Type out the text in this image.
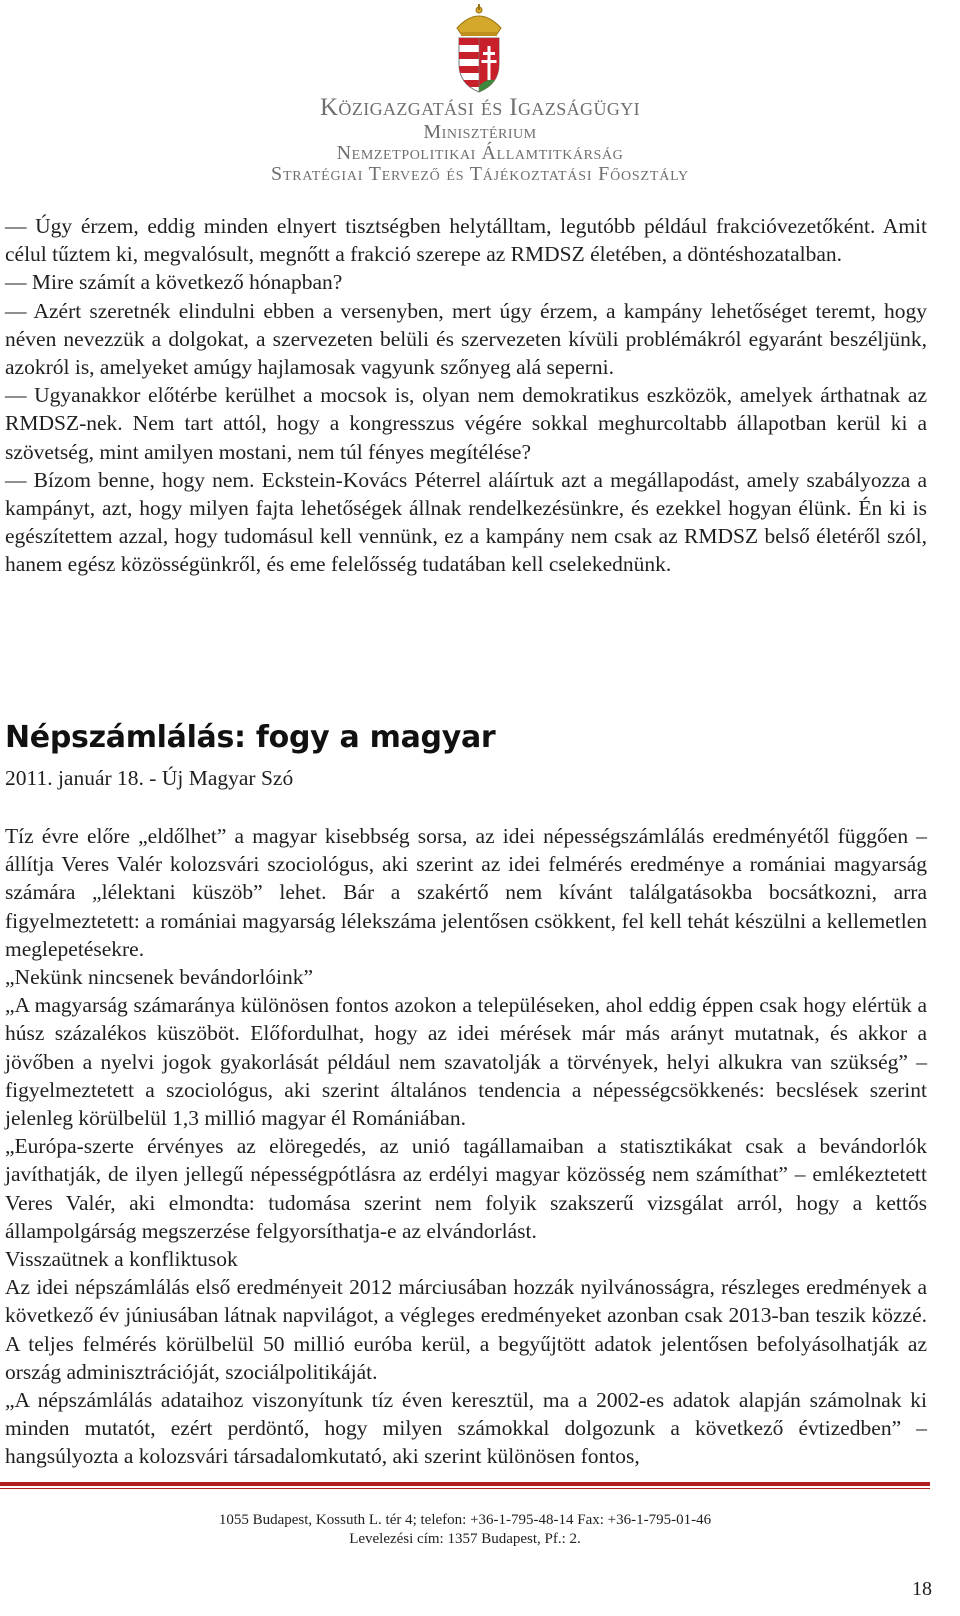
Közigazgatási és Igazságügyi
Minisztérium
Nemzetpolitikai Államtitkárság
Stratégiai Tervező és Tájékoztatási Főosztály

— Úgy érzem, eddig minden elnyert tisztségben helytálltam, legutóbb például frakcióvezetőként. Amit célul tűztem ki, megvalósult, megnőtt a frakció szerepe az RMDSZ életében, a döntéshozatalban.

— Mire számít a következő hónapban?

— Azért szeretnék elindulni ebben a versenyben, mert úgy érzem, a kampány lehetőséget teremt, hogy néven nevezzük a dolgokat, a szervezeten belüli és szervezeten kívüli problémákról egyaránt beszéljünk, azokról is, amelyeket amúgy hajlamosak vagyunk szőnyeg alá seperni.

— Ugyanakkor előtérbe kerülhet a mocsok is, olyan nem demokratikus eszközök, amelyek árthatnak az RMDSZ-nek. Nem tart attól, hogy a kongresszus végére sokkal meghurcoltabb állapotban kerül ki a szövetség, mint amilyen mostani, nem túl fényes megítélése?

— Bízom benne, hogy nem. Eckstein-Kovács Péterrel aláírtuk azt a megállapodást, amely szabályozza a kampányt, azt, hogy milyen fajta lehetőségek állnak rendelkezésünkre, és ezekkel hogyan élünk. Én ki is egészítettem azzal, hogy tudomásul kell vennünk, ez a kampány nem csak az RMDSZ belső életéről szól, hanem egész közösségünkről, és eme felelősség tudatában kell cselekednünk.

Népszámlálás: fogy a magyar
2011. január 18. - Új Magyar Szó

Tíz évre előre „eldőlhet” a magyar kisebbség sorsa, az idei népességszámlálás eredményétől függően – állítja Veres Valér kolozsvári szociológus, aki szerint az idei felmérés eredménye a romániai magyarság számára „lélektani küszöb” lehet. Bár a szakértő nem kívánt találgatásokba bocsátkozni, arra figyelmeztetett: a romániai magyarság lélekszáma jelentősen csökkent, fel kell tehát készülni a kellemetlen meglepetésekre.

„Nekünk nincsenek bevándorlóink”

„A magyarság számaránya különösen fontos azokon a településeken, ahol eddig éppen csak hogy elértük a húsz százalékos küszöböt. Előfordulhat, hogy az idei mérések már más arányt mutatnak, és akkor a jövőben a nyelvi jogok gyakorlását például nem szavatolják a törvények, helyi alkukra van szükség” – figyelmeztetett a szociológus, aki szerint általános tendencia a népességcsökkenés: becslések szerint jelenleg körülbelül 1,3 millió magyar él Romániában.

„Európa-szerte érvényes az elöregedés, az unió tagállamaiban a statisztikákat csak a bevándorlók javíthatják, de ilyen jellegű népességpótlásra az erdélyi magyar közösség nem számíthat” – emlékeztetett Veres Valér, aki elmondta: tudomása szerint nem folyik szakszerű vizsgálat arról, hogy a kettős állampolgárság megszerzése felgyorsíthatja-e az elvándorlást.

Visszaütnek a konfliktusok

Az idei népszámlálás első eredményeit 2012 márciusában hozzák nyilvánosságra, részleges eredmények a következő év júniusában látnak napvilágot, a végleges eredményeket azonban csak 2013-ban teszik közzé. A teljes felmérés körülbelül 50 millió euróba kerül, a begyűjtött adatok jelentősen befolyásolhatják az ország adminisztrációját, szociálpolitikáját.

„A népszámlálás adataihoz viszonyítunk tíz éven keresztül, ma a 2002-es adatok alapján számolnak ki minden mutatót, ezért perdöntő, hogy milyen számokkal dolgozunk a következő évtizedben” – hangsúlyozta a kolozsvári társadalomkutató, aki szerint különösen fontos,

1055 Budapest, Kossuth L. tér 4; telefon: +36-1-795-48-14 Fax: +36-1-795-01-46
Levelezési cím: 1357 Budapest, Pf.: 2.
18
